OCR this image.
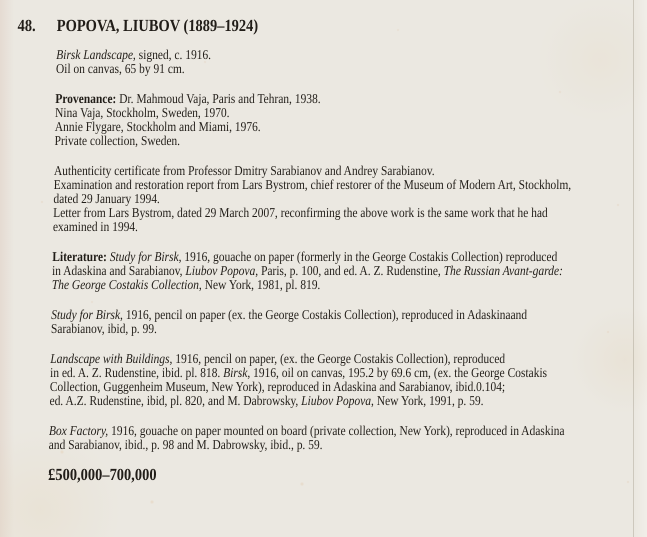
48. POPOVA, LIUBOV (1889–1924)
Birsk Landscape, signed, c. 1916.
Oil on canvas, 65 by 91 cm.
Provenance: Dr. Mahmoud Vaja, Paris and Tehran, 1938.
Nina Vaja, Stockholm, Sweden, 1970.
Annie Flygare, Stockholm and Miami, 1976.
Private collection, Sweden.
Authenticity certificate from Professor Dmitry Sarabianov and Andrey Sarabianov.
Examination and restoration report from Lars Bystrom, chief restorer of the Museum of Modern Art, Stockholm,
dated 29 January 1994.
Letter from Lars Bystrom, dated 29 March 2007, reconfirming the above work is the same work that he had
examined in 1994.
Literature: Study for Birsk, 1916, gouache on paper (formerly in the George Costakis Collection) reproduced
in Adaskina and Sarabianov, Liubov Popova, Paris, p. 100, and ed. A. Z. Rudenstine, The Russian Avant-garde:
The George Costakis Collection, New York, 1981, pl. 819.
Study for Birsk, 1916, pencil on paper (ex. the George Costakis Collection), reproduced in Adaskinaand
Sarabianov, ibid, p. 99.
Landscape with Buildings, 1916, pencil on paper, (ex. the George Costakis Collection), reproduced
in ed. A. Z. Rudenstine, ibid. pl. 818. Birsk, 1916, oil on canvas, 195.2 by 69.6 cm, (ex. the George Costakis
Collection, Guggenheim Museum, New York), reproduced in Adaskina and Sarabianov, ibid.0.104;
ed. A.Z. Rudenstine, ibid, pl. 820, and M. Dabrowsky, Liubov Popova, New York, 1991, p. 59.
Box Factory, 1916, gouache on paper mounted on board (private collection, New York), reproduced in Adaskina
and Sarabianov, ibid., p. 98 and M. Dabrowsky, ibid., p. 59.
£500,000–700,000
